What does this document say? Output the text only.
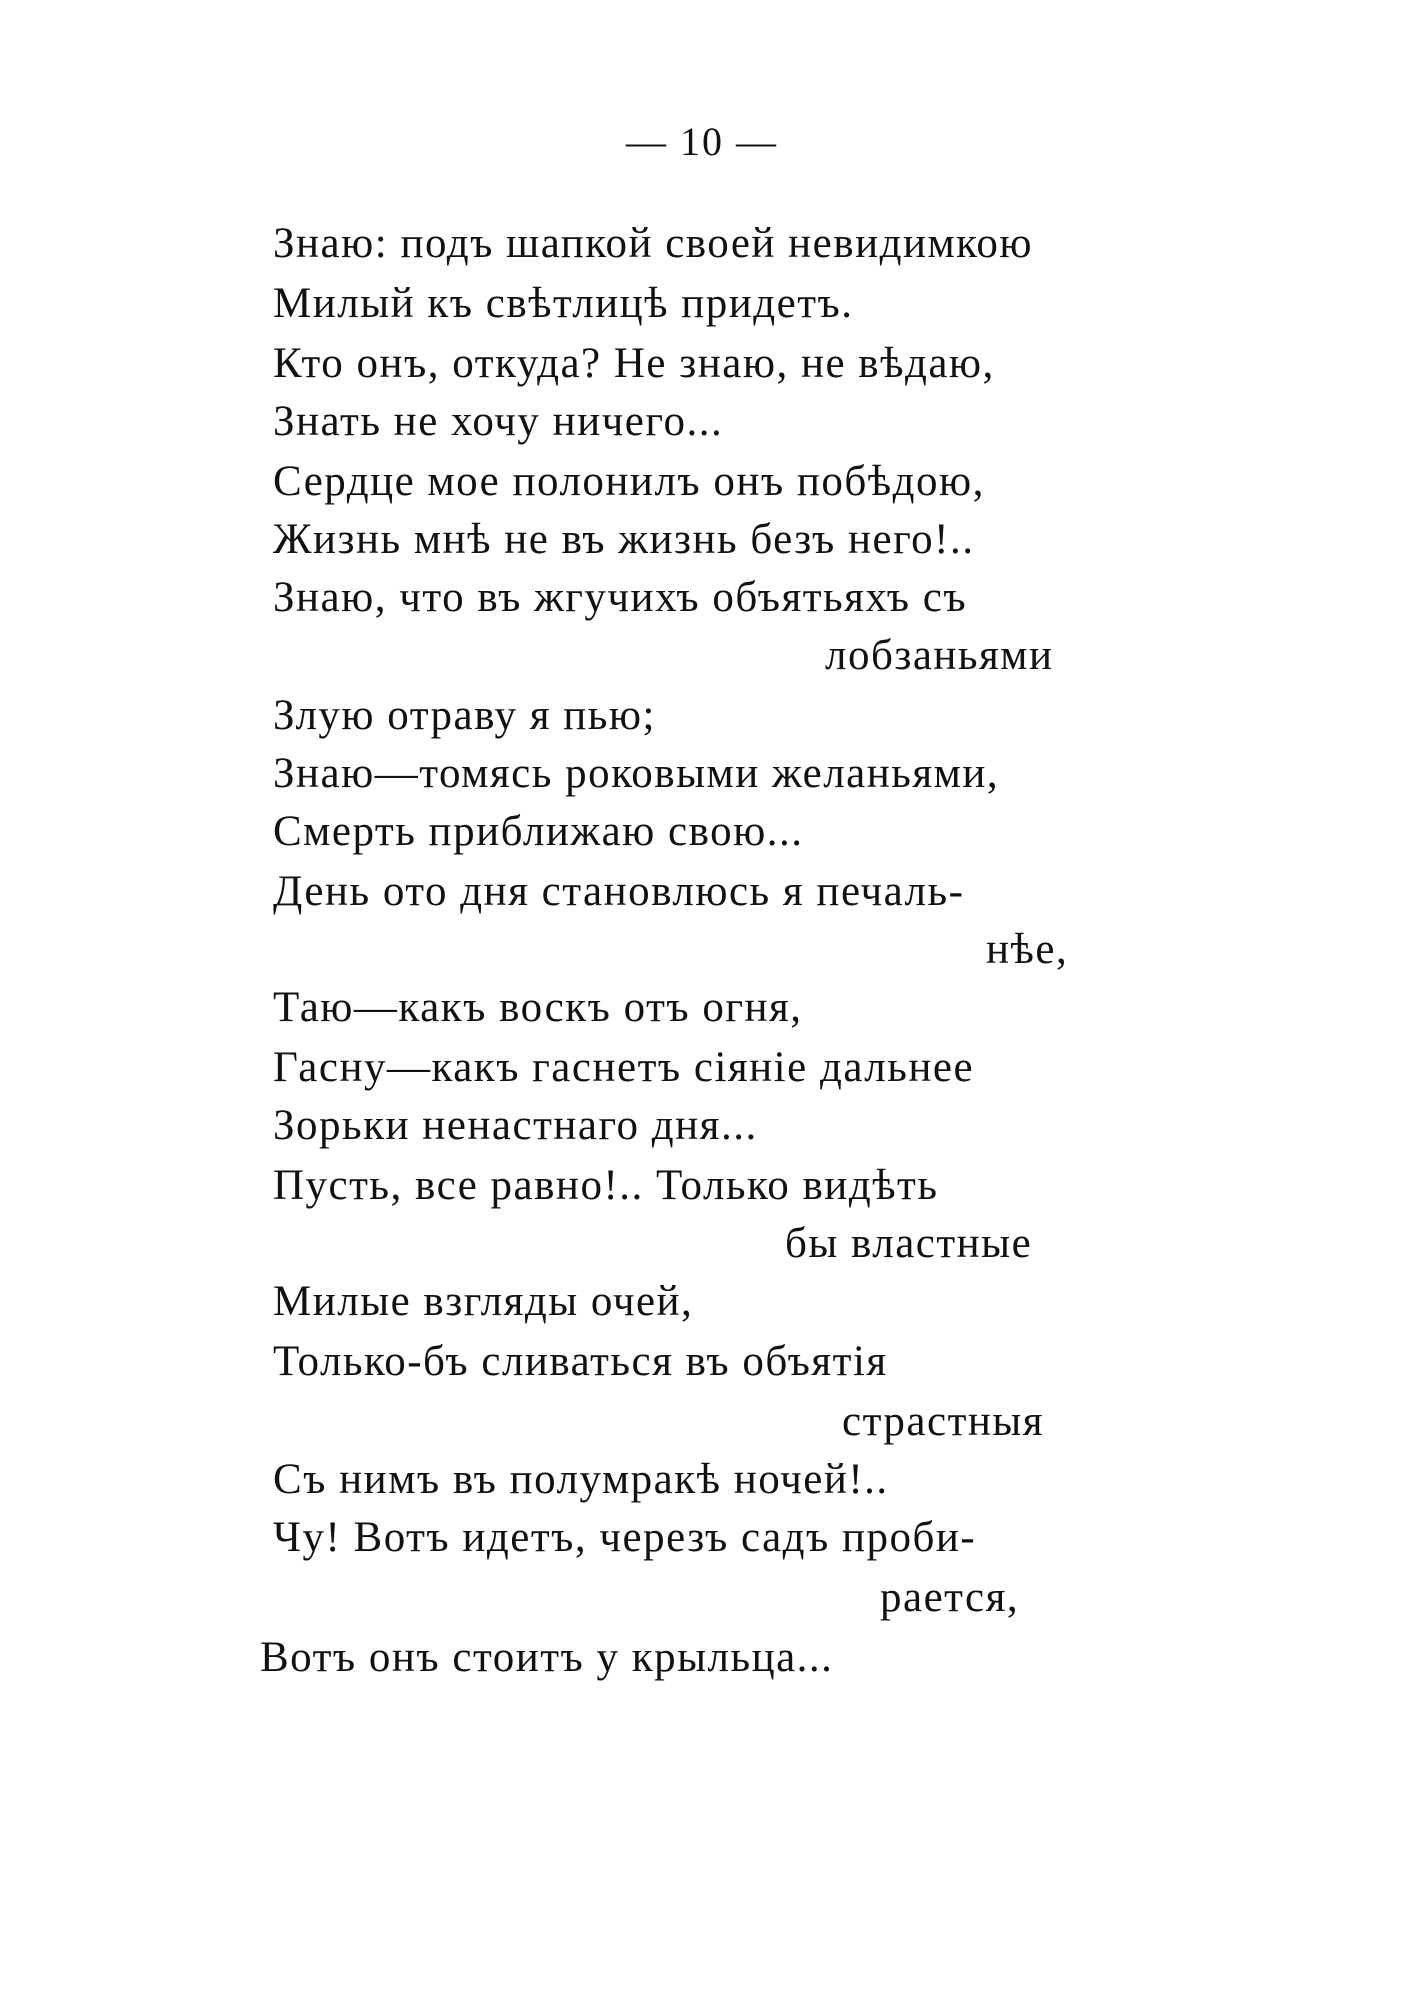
— 10 —
Знаю: подъ шапкой своей невидимкою
Милый къ свѣтлицѣ придетъ.
Кто онъ, откуда? Не знаю, не вѣдаю,
Знать не хочу ничего...
Сердце мое полонилъ онъ побѣдою,
Жизнь мнѣ не въ жизнь безъ него!..
Знаю, что въ жгучихъ объятьяхъ съ
лобзаньями
Злую отраву я пью;
Знаю—томясь роковыми желаньями,
Смерть приближаю свою...
День ото дня становлюсь я печаль-
нѣе,
Таю—какъ воскъ отъ огня,
Гасну—какъ гаснетъ сіяніе дальнее
Зорьки ненастнаго дня...
Пусть, все равно!.. Только видѣть
бы властные
Милые взгляды очей,
Только-бъ сливаться въ объятія
страстныя
Съ нимъ въ полумракѣ ночей!..
Чу! Вотъ идетъ, черезъ садъ проби-
рается,
Вотъ онъ стоитъ у крыльца...
